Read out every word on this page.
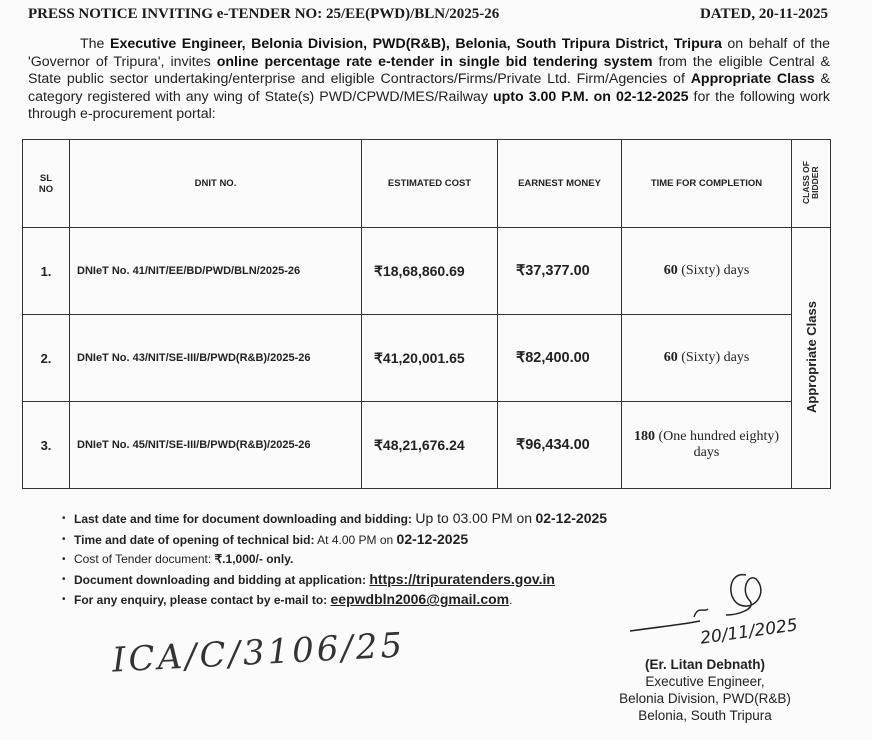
PRESS NOTICE INVITING e-TENDER NO: 25/EE(PWD)/BLN/2025-26	DATED, 20-11-2025
The Executive Engineer, Belonia Division, PWD(R&B), Belonia, South Tripura District, Tripura on behalf of the 'Governor of Tripura', invites online percentage rate e-tender in single bid tendering system from the eligible Central & State public sector undertaking/enterprise and eligible Contractors/Firms/Private Ltd. Firm/Agencies of Appropriate Class & category registered with any wing of State(s) PWD/CPWD/MES/Railway upto 3.00 P.M. on 02-12-2025 for the following work through e-procurement portal:
SL
NO	DNIT NO.	ESTIMATED COST	EARNEST MONEY	TIME FOR COMPLETION	CLASS OF
BIDDER
1.	DNIeT No. 41/NIT/EE/BD/PWD/BLN/2025-26	₹18,68,860.69	₹37,377.00	60 (Sixty) days	Appropriate Class
2.	DNIeT No. 43/NIT/SE-III/B/PWD(R&B)/2025-26	₹41,20,001.65	₹82,400.00	60 (Sixty) days	
3.	DNIeT No. 45/NIT/SE-III/B/PWD(R&B)/2025-26	₹48,21,676.24	₹96,434.00	180 (One hundred eighty) days	
• Last date and time for document downloading and bidding: Up to 03.00 PM on 02-12-2025
• Time and date of opening of technical bid: At 4.00 PM on 02-12-2025
• Cost of Tender document: ₹.1,000/- only.
• Document downloading and bidding at application: https://tripuratenders.gov.in
• For any enquiry, please contact by e-mail to: eepwdbln2006@gmail.com.
ICA/C/3106/25	20/11/2025
(Er. Litan Debnath)
Executive Engineer,
Belonia Division, PWD(R&B)
Belonia, South Tripura
